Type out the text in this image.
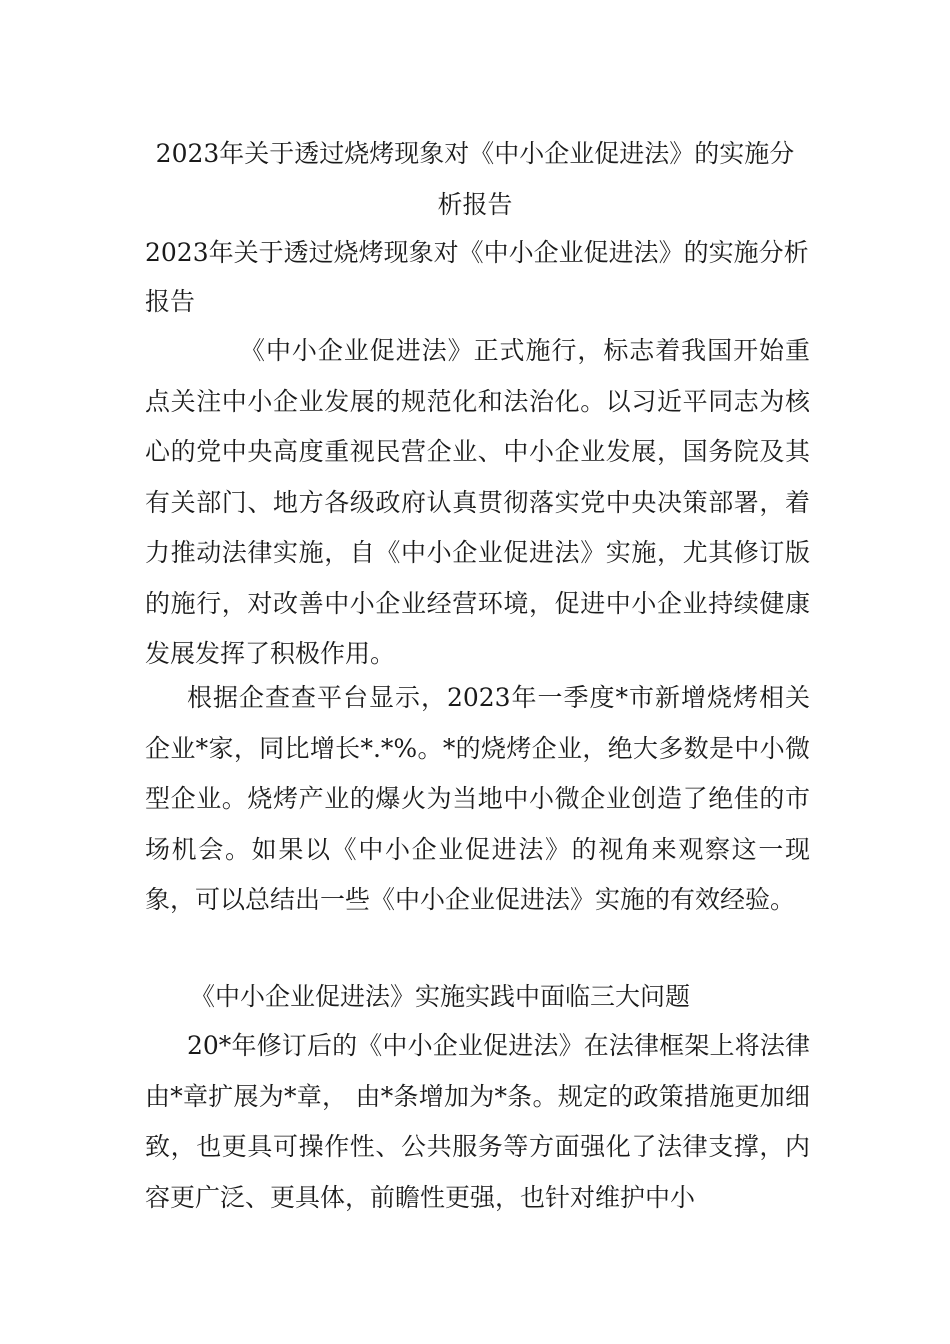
2023年关于透过烧烤现象对《中小企业促进法》的实施分
析报告
2023年关于透过烧烤现象对《中小企业促进法》的实施分析报告

《中小企业促进法》正式施行，标志着我国开始重点关注中小企业发展的规范化和法治化。以习近平同志为核心的党中央高度重视民营企业、中小企业发展，国务院及其有关部门、地方各级政府认真贯彻落实党中央决策部署，着力推动法律实施，自《中小企业促进法》实施，尤其修订版的施行，对改善中小企业经营环境，促进中小企业持续健康发展发挥了积极作用。

根据企查查平台显示，2023年一季度*市新增烧烤相关企业*家，同比增长*.*%。*的烧烤企业，绝大多数是中小微型企业。烧烤产业的爆火为当地中小微企业创造了绝佳的市场机会。如果以《中小企业促进法》的视角来观察这一现象，可以总结出一些《中小企业促进法》实施的有效经验。

《中小企业促进法》实施实践中面临三大问题

20*年修订后的《中小企业促进法》在法律框架上将法律由*章扩展为*章， 由*条增加为*条。规定的政策措施更加细致，也更具可操作性、公共服务等方面强化了法律支撑，内容更广泛、更具体，前瞻性更强，也针对维护中小
